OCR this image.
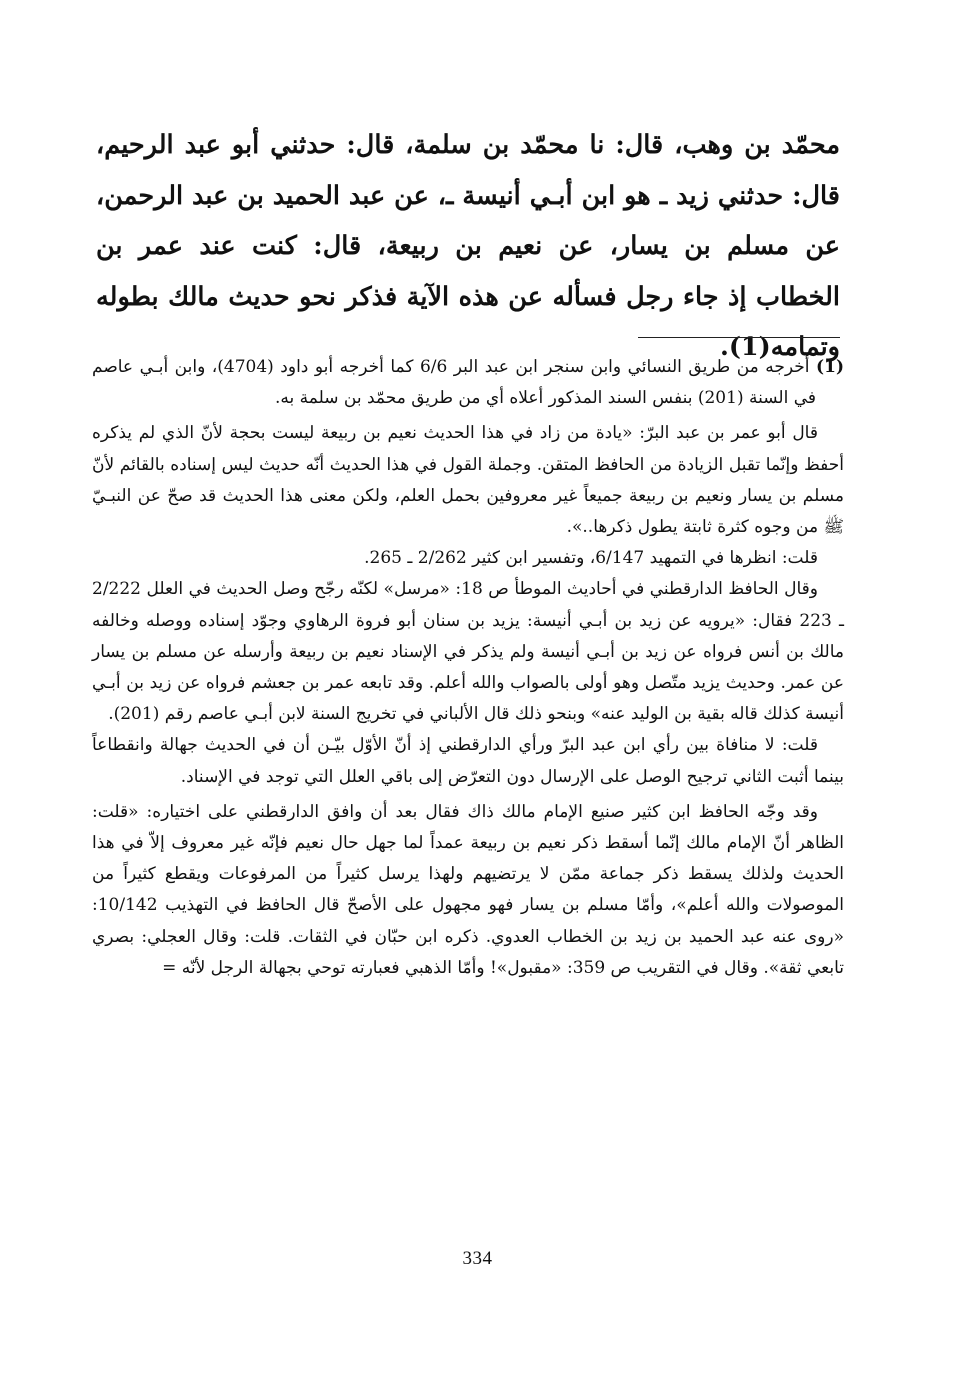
محمّد بن وهب، قال: نا محمّد بن سلمة، قال: حدثني أبو عبد الرحيم، قال: حدثني زيد ـ هو ابن أبـي أنيسة ـ، عن عبد الحميد بن عبد الرحمن، عن مسلم بن يسار، عن نعيم بن ربيعة، قال: كنت عند عمر بن الخطاب إذ جاء رجل فسأله عن هذه الآية فذكر نحو حديث مالك بطوله وتمامه(1).

(1) أخرجه من طريق النسائي وابن سنجر ابن عبد البر 6/6 كما أخرجه أبو داود (4704)، وابن أبـي عاصم في السنة (201) بنفس السند المذكور أعلاه أي من طريق محمّد بن سلمة به.

قال أبو عمر بن عبد البرّ: «يادة من زاد في هذا الحديث نعيم بن ربيعة ليست بحجة لأنّ الذي لم يذكره أحفظ وإنّما تقبل الزيادة من الحافظ المتقن. وجملة القول في هذا الحديث أنّه حديث ليس إسناده بالقائم لأنّ مسلم بن يسار ونعيم بن ربيعة جميعاً غير معروفين بحمل العلم، ولكن معنى هذا الحديث قد صحّ عن النبـيّ ﷺ من وجوه كثرة ثابتة يطول ذكرها..».

قلت: انظرها في التمهيد 6/147، وتفسير ابن كثير 2/262 ـ 265.

وقال الحافظ الدارقطني في أحاديث الموطأ ص 18: «مرسل» لكنّه رجّح وصل الحديث في العلل 2/222 ـ 223 فقال: «يرويه عن زيد بن أبـي أنيسة: يزيد بن سنان أبو فروة الرهاوي وجوّد إسناده ووصله وخالفه مالك بن أنس فرواه عن زيد بن أبـي أنيسة ولم يذكر في الإسناد نعيم بن ربيعة وأرسله عن مسلم بن يسار عن عمر. وحديث يزيد متّصل وهو أولى بالصواب والله أعلم. وقد تابعه عمر بن جعشم فرواه عن زيد بن أبـي أنيسة كذلك قاله بقية بن الوليد عنه» وبنحو ذلك قال الألباني في تخريج السنة لابن أبـي عاصم رقم (201).

قلت: لا منافاة بين رأي ابن عبد البرّ ورأي الدارقطني إذ أنّ الأوّل بيّـن أن في الحديث جهالة وانقطاعاً بينما أثبت الثاني ترجيح الوصل على الإرسال دون التعرّض إلى باقي العلل التي توجد في الإسناد.

وقد وجّه الحافظ ابن كثير صنيع الإمام مالك ذاك فقال بعد أن وافق الدارقطني على اختياره: «قلت: الظاهر أنّ الإمام مالك إنّما أسقط ذكر نعيم بن ربيعة عمداً لما جهل حال نعيم فإنّه غير معروف إلاّ في هذا الحديث ولذلك يسقط ذكر جماعة ممّن لا يرتضيهم ولهذا يرسل كثيراً من المرفوعات ويقطع كثيراً من الموصولات والله أعلم»، وأمّا مسلم بن يسار فهو مجهول على الأصحّ قال الحافظ في التهذيب 10/142: «روى عنه عبد الحميد بن زيد بن الخطاب العدوي. ذكره ابن حبّان في الثقات. قلت: وقال العجلي: بصري تابعي ثقة». وقال في التقريب ص 359: «مقبول»! وأمّا الذهبي فعبارته توحي بجهالة الرجل لأنّه =

334
